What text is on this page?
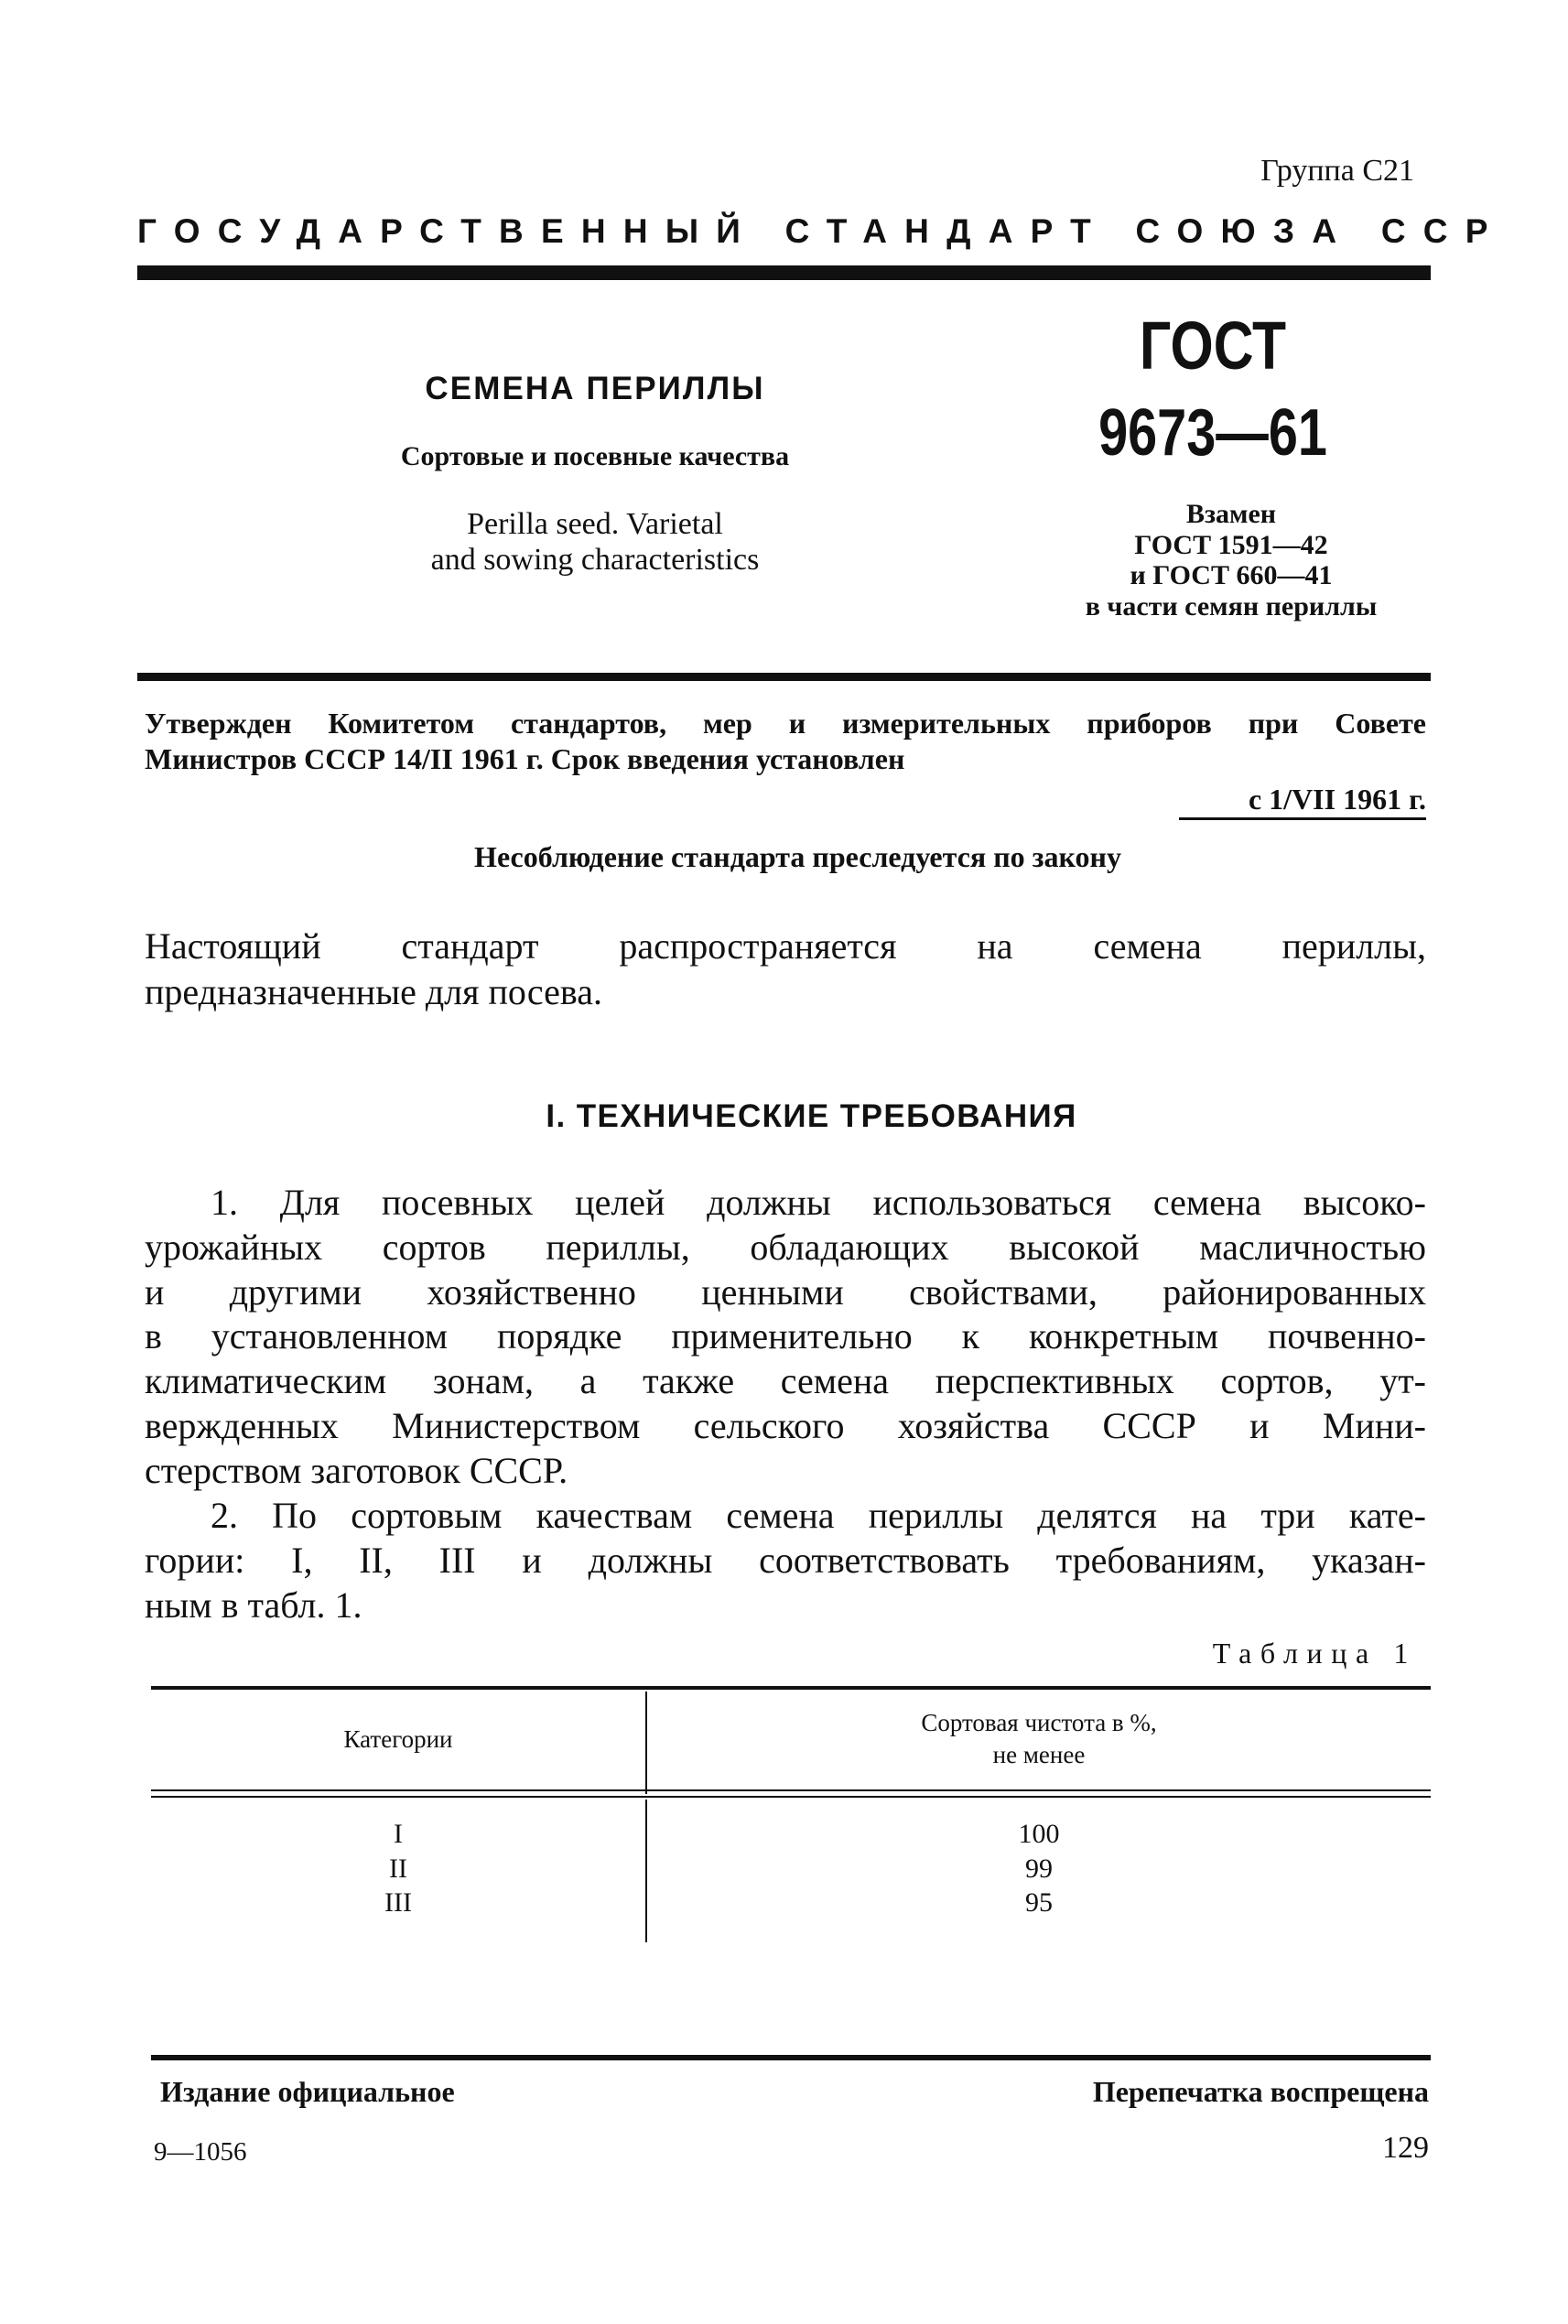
Группа С21
ГОСУДАРСТВЕННЫЙ СТАНДАРТ СОЮЗА ССР
СЕМЕНА ПЕРИЛЛЫ
Сортовые и посевные качества
Perilla seed. Varietal
and sowing characteristics
ГОСТ
9673—61
Взамен
ГОСТ 1591—42
и ГОСТ 660—41
в части семян периллы
Утвержден Комитетом стандартов, мер и измерительных приборов при Совете
Министров СССР 14/II 1961 г. Срок введения установлен
с 1/VII 1961 г.
Несоблюдение стандарта преследуется по закону
Настоящий стандарт распространяется на семена периллы,
предназначенные для посева.
I. ТЕХНИЧЕСКИЕ ТРЕБОВАНИЯ
1. Для посевных целей должны использоваться семена высоко-
урожайных сортов периллы, обладающих высокой масличностью
и другими хозяйственно ценными свойствами, районированных
в установленном порядке применительно к конкретным почвенно-
климатическим зонам, а также семена перспективных сортов, ут-
вержденных Министерством сельского хозяйства СССР и Мини-
стерством заготовок СССР.
2. По сортовым качествам семена периллы делятся на три кате-
гории: I, II, III и должны соответствовать требованиям, указан-
ным в табл. 1.
Таблица 1
Категории
Сортовая чистота в %,
не менее
I
II
III
100
99
95
Издание официальное	Перепечатка воспрещена
9—1056	129
